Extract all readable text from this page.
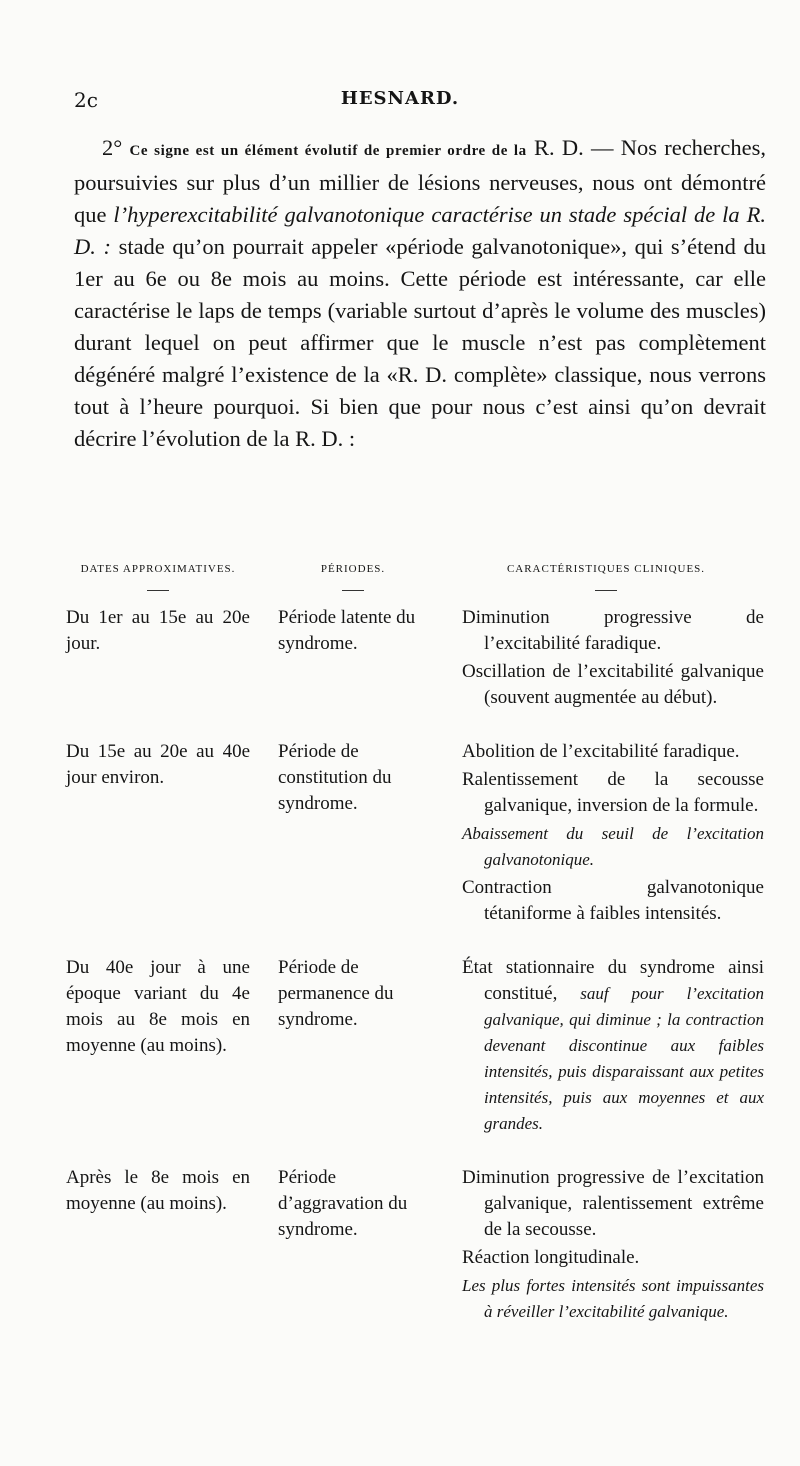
2c	HESNARD.
2° Ce signe est un élément évolutif de premier ordre de la R. D. — Nos recherches, poursuivies sur plus d’un millier de lésions nerveuses, nous ont démontré que l’hyperexcitabilité galvanotonique caractérise un stade spécial de la R. D. : stade qu’on pourrait appeler «période galvanotonique», qui s’étend du 1er au 6e ou 8e mois au moins. Cette période est intéressante, car elle caractérise le laps de temps (variable surtout d’après le volume des muscles) durant lequel on peut affirmer que le muscle n’est pas complètement dégénéré malgré l’existence de la «R. D. complète» classique, nous verrons tout à l’heure pourquoi. Si bien que pour nous c’est ainsi qu’on devrait décrire l’évolution de la R. D. :
DATES APPROXIMATIVES.	PÉRIODES.	CARACTÉRISTIQUES CLINIQUES.

Du 1er au 15e au 20e jour.	Période latente du syndrome.	Diminution progressive de l’excitabilité faradique.
Oscillation de l’excitabilité galvanique (souvent augmentée au début).

Du 15e au 20e au 40e jour environ.	Période de constitution du syndrome.	Abolition de l’excitabilité faradique.
Ralentissement de la secousse galvanique, inversion de la formule.
Abaissement du seuil de l’excitation galvanotonique.
Contraction galvanotonique tétaniforme à faibles intensités.

Du 40e jour à une époque variant du 4e mois au 8e mois en moyenne (au moins).	Période de permanence du syndrome.	État stationnaire du syndrome ainsi constitué, sauf pour l’excitation galvanique, qui diminue ; la contraction devenant discontinue aux faibles intensités, puis disparaissant aux petites intensités, puis aux moyennes et aux grandes.

Après le 8e mois en moyenne (au moins).	Période d’aggravation du syndrome.	Diminution progressive de l’excitation galvanique, ralentissement extrême de la secousse.
Réaction longitudinale.
Les plus fortes intensités sont impuissantes à réveiller l’excitabilité galvanique.
